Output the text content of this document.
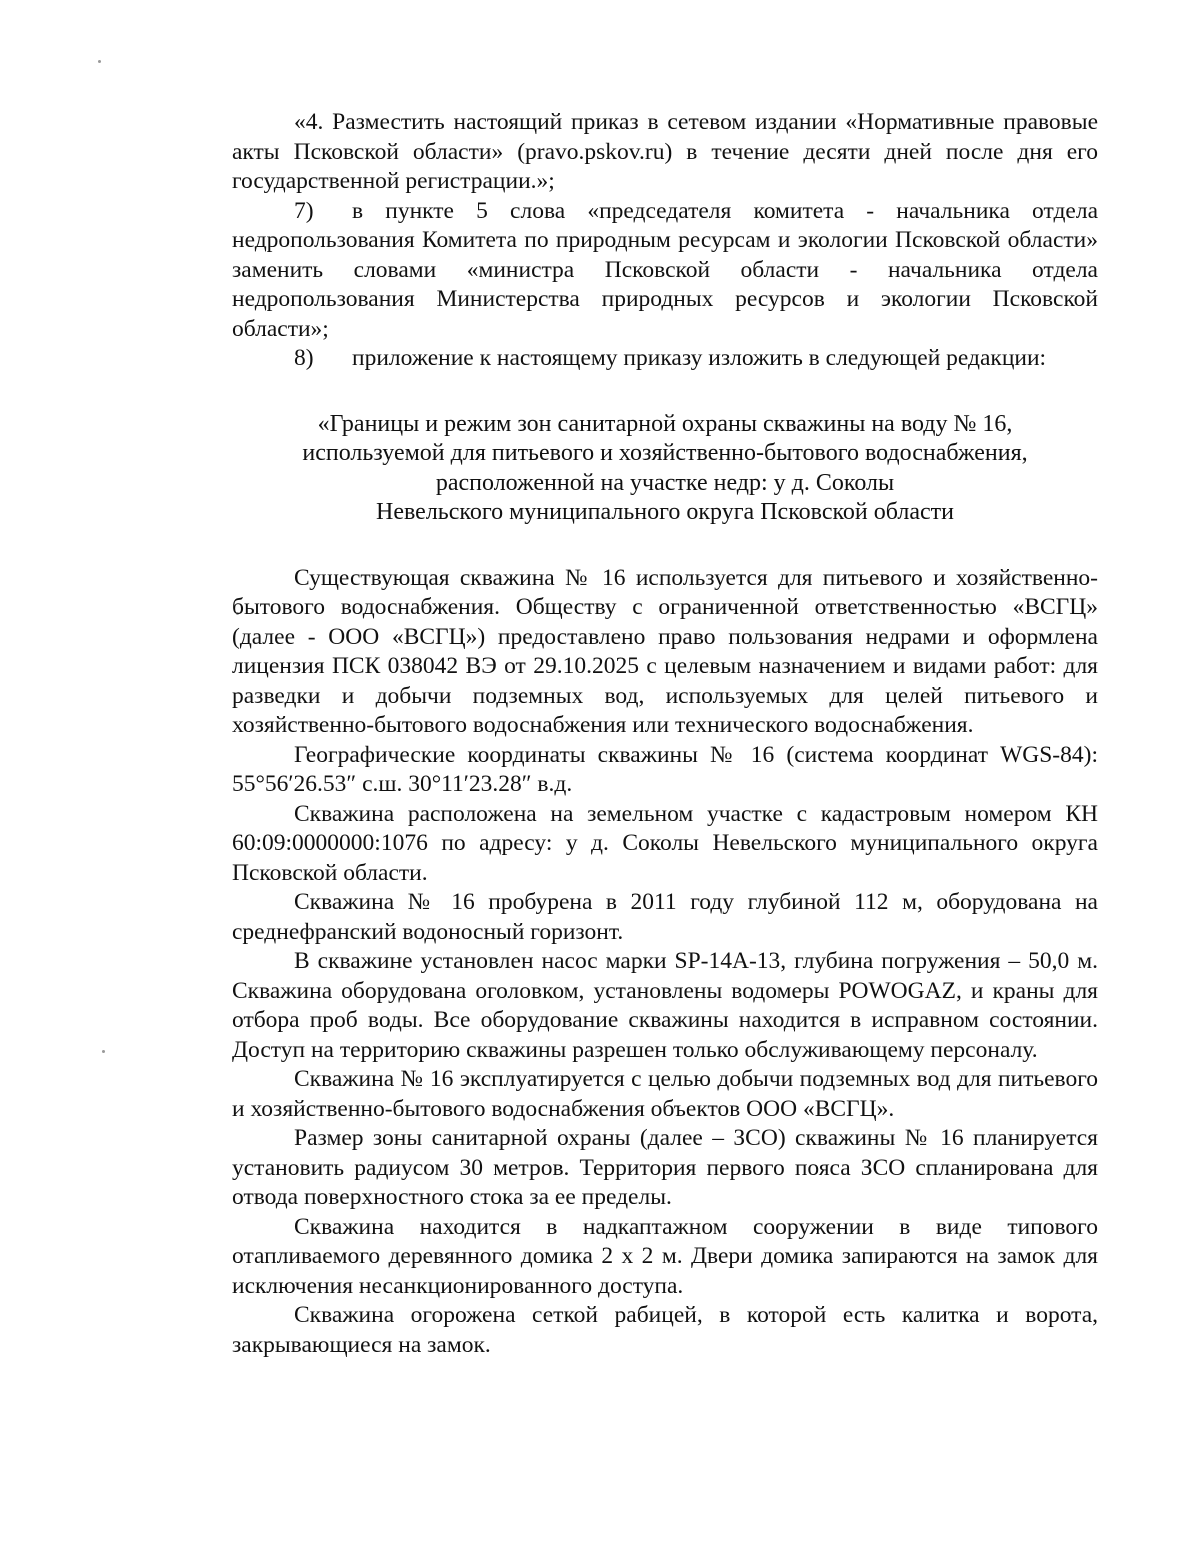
«4. Разместить настоящий приказ в сетевом издании «Нормативные правовые акты Псковской области» (pravo.pskov.ru) в течение десяти дней после дня его государственной регистрации.»;

7) в пункте 5 слова «председателя комитета - начальника отдела недропользования Комитета по природным ресурсам и экологии Псковской области» заменить словами «министра Псковской области - начальника отдела недропользования Министерства природных ресурсов и экологии Псковской области»;

8) приложение к настоящему приказу изложить в следующей редакции:

«Границы и режим зон санитарной охраны скважины на воду № 16,
используемой для питьевого и хозяйственно-бытового водоснабжения,
расположенной на участке недр: у д. Соколы
Невельского муниципального округа Псковской области

Существующая скважина № 16 используется для питьевого и хозяйственно-бытового водоснабжения. Обществу с ограниченной ответственностью «ВСГЦ» (далее - ООО «ВСГЦ») предоставлено право пользования недрами и оформлена лицензия ПСК 038042 ВЭ от 29.10.2025 с целевым назначением и видами работ: для разведки и добычи подземных вод, используемых для целей питьевого и хозяйственно-бытового водоснабжения или технического водоснабжения.

Географические координаты скважины № 16 (система координат WGS-84): 55°56′26.53″ с.ш. 30°11′23.28″ в.д.

Скважина расположена на земельном участке с кадастровым номером КН 60:09:0000000:1076 по адресу: у д. Соколы Невельского муниципального округа Псковской области.

Скважина № 16 пробурена в 2011 году глубиной 112 м, оборудована на среднефранский водоносный горизонт.

В скважине установлен насос марки SP-14A-13, глубина погружения – 50,0 м. Скважина оборудована оголовком, установлены водомеры POWOGAZ, и краны для отбора проб воды. Все оборудование скважины находится в исправном состоянии. Доступ на территорию скважины разрешен только обслуживающему персоналу.

Скважина № 16 эксплуатируется с целью добычи подземных вод для питьевого и хозяйственно-бытового водоснабжения объектов ООО «ВСГЦ».

Размер зоны санитарной охраны (далее – ЗСО) скважины № 16 планируется установить радиусом 30 метров. Территория первого пояса ЗСО спланирована для отвода поверхностного стока за ее пределы.

Скважина находится в надкаптажном сооружении в виде типового отапливаемого деревянного домика 2 х 2 м. Двери домика запираются на замок для исключения несанкционированного доступа.

Скважина огорожена сеткой рабицей, в которой есть калитка и ворота, закрывающиеся на замок.
